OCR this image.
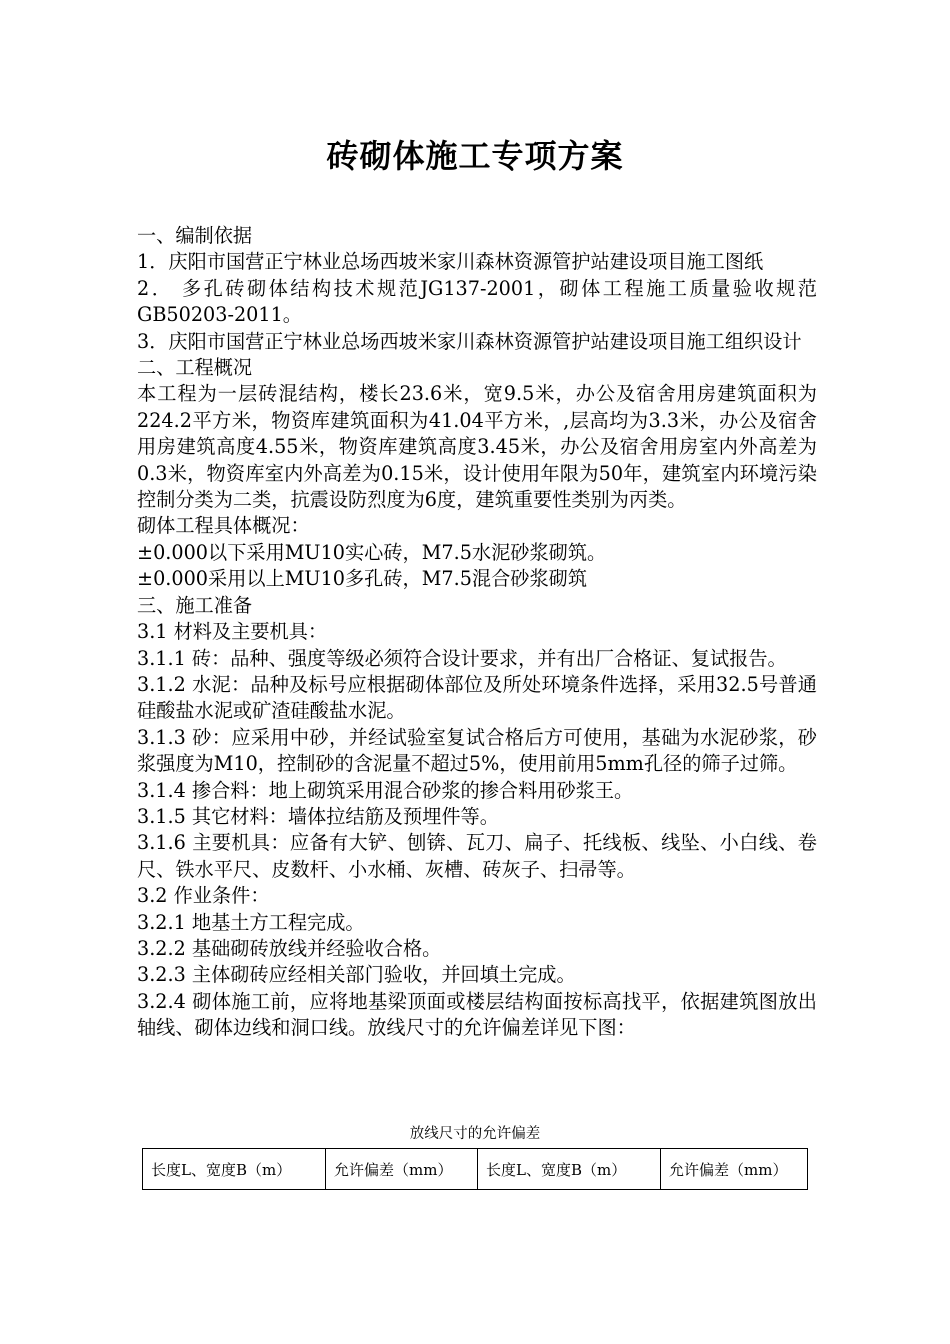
砖砌体施工专项方案

一、编制依据

1．庆阳市国营正宁林业总场西坡米家川森林资源管护站建设项目施工图纸

2． 多孔砖砌体结构技术规范JG137-2001，砌体工程施工质量验收规范GB50203-2011。

3．庆阳市国营正宁林业总场西坡米家川森林资源管护站建设项目施工组织设计

二、工程概况

本工程为一层砖混结构，楼长23.6米，宽9.5米，办公及宿舍用房建筑面积为224.2平方米，物资库建筑面积为41.04平方米，,层高均为3.3米，办公及宿舍用房建筑高度4.55米，物资库建筑高度3.45米，办公及宿舍用房室内外高差为0.3米，物资库室内外高差为0.15米，设计使用年限为50年，建筑室内环境污染控制分类为二类，抗震设防烈度为6度，建筑重要性类别为丙类。

砌体工程具体概况：

±0.000以下采用MU10实心砖，M7.5水泥砂浆砌筑。

±0.000采用以上MU10多孔砖，M7.5混合砂浆砌筑

三、施工准备

3.1 材料及主要机具：

3.1.1 砖：品种、强度等级必须符合设计要求，并有出厂合格证、复试报告。

3.1.2 水泥：品种及标号应根据砌体部位及所处环境条件选择，采用32.5号普通硅酸盐水泥或矿渣硅酸盐水泥。

3.1.3 砂：应采用中砂，并经试验室复试合格后方可使用，基础为水泥砂浆，砂浆强度为M10，控制砂的含泥量不超过5%，使用前用5mm孔径的筛子过筛。

3.1.4 掺合料：地上砌筑采用混合砂浆的掺合料用砂浆王。

3.1.5 其它材料：墙体拉结筋及预埋件等。

3.1.6 主要机具：应备有大铲、刨锛、瓦刀、扁子、托线板、线坠、小白线、卷尺、铁水平尺、皮数杆、小水桶、灰槽、砖灰子、扫帚等。

3.2 作业条件：

3.2.1 地基土方工程完成。

3.2.2 基础砌砖放线并经验收合格。

3.2.3 主体砌砖应经相关部门验收，并回填土完成。

3.2.4 砌体施工前，应将地基梁顶面或楼层结构面按标高找平，依据建筑图放出轴线、砌体边线和洞口线。放线尺寸的允许偏差详见下图：

放线尺寸的允许偏差
长度L、宽度B（m）	允许偏差（mm）	长度L、宽度B（m）	允许偏差（mm）
